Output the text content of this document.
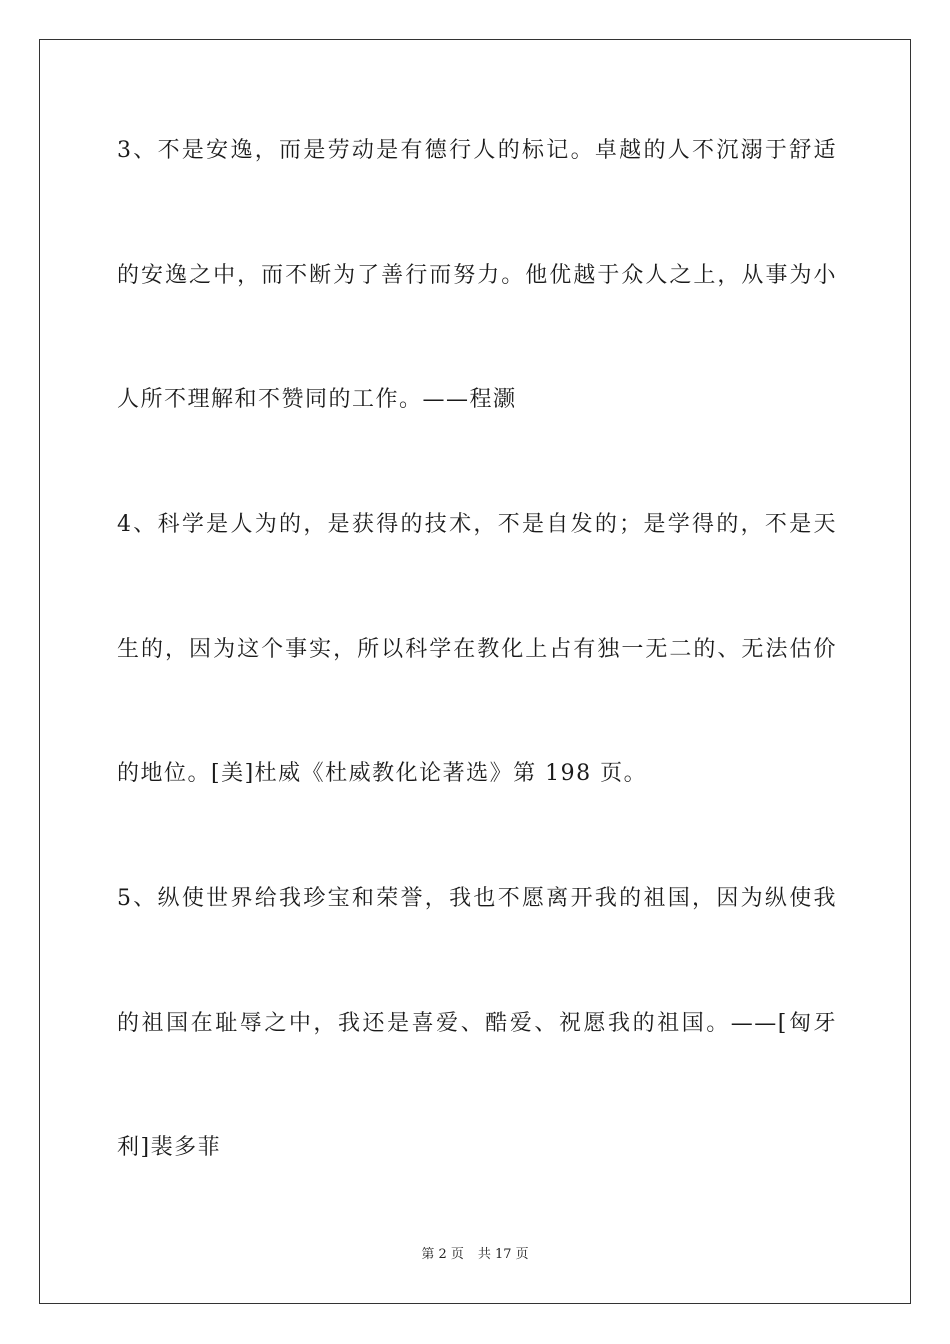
3、不是安逸，而是劳动是有德行人的标记。卓越的人不沉溺于舒适
的安逸之中，而不断为了善行而努力。他优越于众人之上，从事为小
人所不理解和不赞同的工作。——程灏
4、科学是人为的，是获得的技术，不是自发的；是学得的，不是天
生的，因为这个事实，所以科学在教化上占有独一无二的、无法估价
的地位。[美]杜威《杜威教化论著选》第 198 页。
5、纵使世界给我珍宝和荣誉，我也不愿离开我的祖国，因为纵使我
的祖国在耻辱之中，我还是喜爱、酷爱、祝愿我的祖国。——[匈牙
利]裴多菲
第 2 页 共 17 页
